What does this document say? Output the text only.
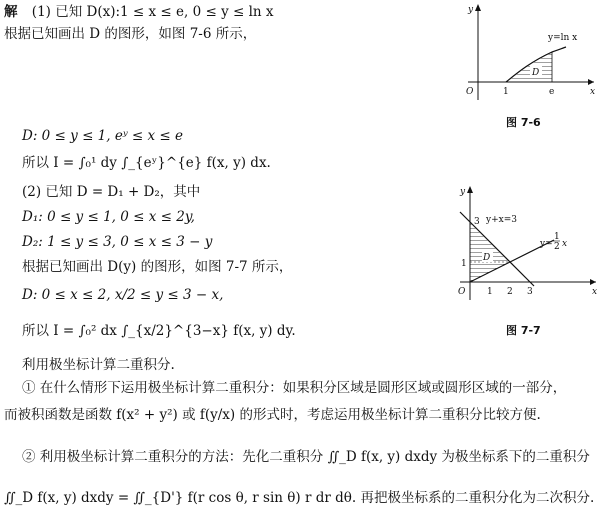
解 (1) 已知 D(x):1 ≤ x ≤ e, 0 ≤ y ≤ ln x
根据已知画出 D 的图形，如图 7-6 所示，
D: 0 ≤ y ≤ 1, eʸ ≤ x ≤ e
所以 I = ∫₀¹ dy ∫_{eʸ}^{e} f(x, y) dx.
(2) 已知 D = D₁ + D₂，其中
D₁: 0 ≤ y ≤ 1, 0 ≤ x ≤ 2y,
D₂: 1 ≤ y ≤ 3, 0 ≤ x ≤ 3 − y
根据已知画出 D(y) 的图形，如图 7-7 所示，
D: 0 ≤ x ≤ 2, x/2 ≤ y ≤ 3 − x,
所以 I = ∫₀² dx ∫_{x/2}^{3−x} f(x, y) dy.
利用极坐标计算二重积分.
① 在什么情形下运用极坐标计算二重积分：如果积分区域是圆形区域或圆形区域的一部分，
而被积函数是函数 f(x² + y²) 或 f(y/x) 的形式时，考虑运用极坐标计算二重积分比较方便.
② 利用极坐标计算二重积分的方法：先化二重积分 ∬_D f(x, y) dxdy 为极坐标系下的二重积分
∬_D f(x, y) dxdy = ∬_{D'} f(r cos θ, r sin θ) r dr dθ. 再把极坐标系的二重积分化为二次积分.
D
y=ln x
x
y
O	1	e
图 7-6
D
y+x=3
y=
1
2 x
x
y
O 1 2 3
1
3
图 7-7
